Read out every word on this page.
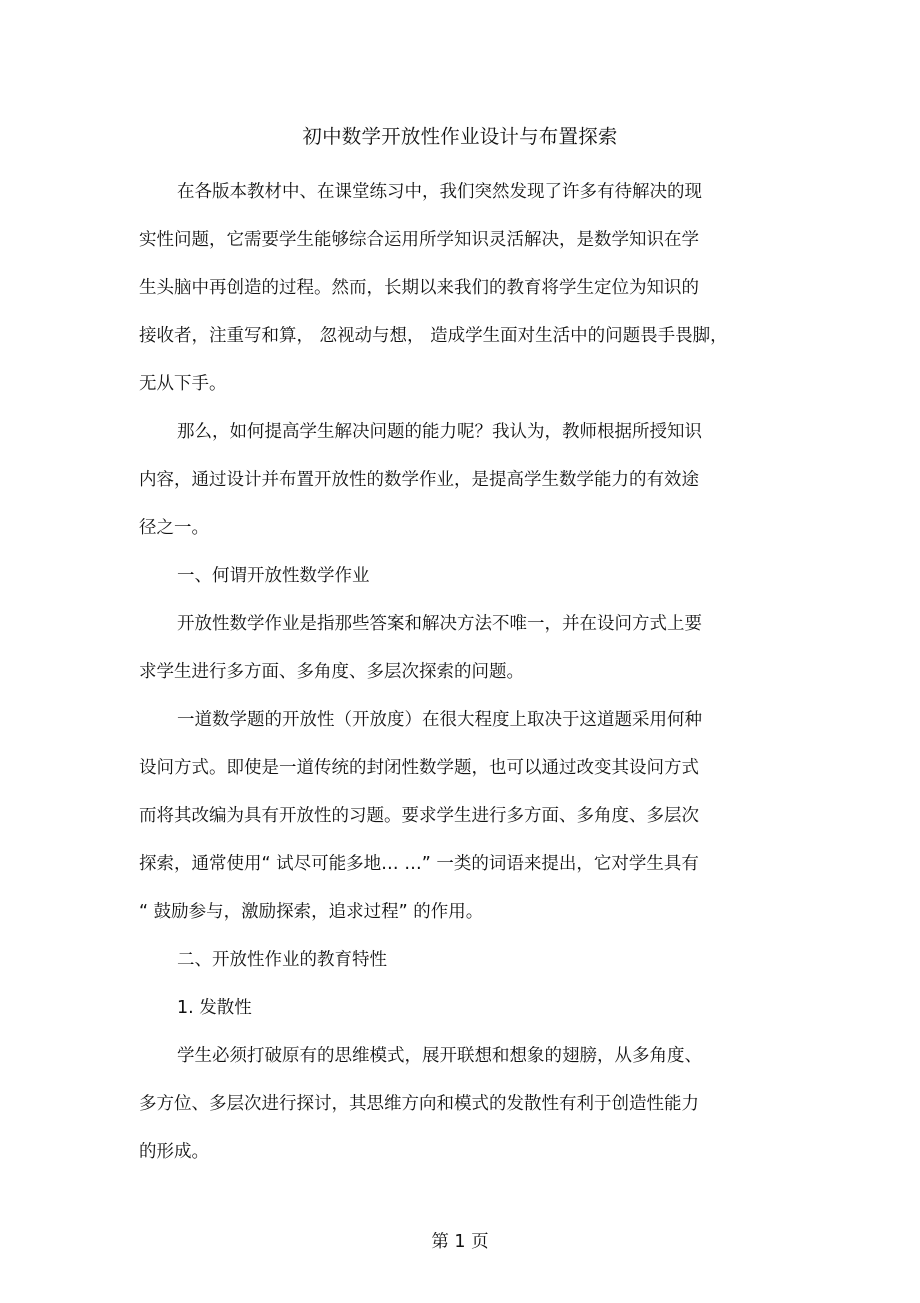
初中数学开放性作业设计与布置探索
在各版本教材中、在课堂练习中，我们突然发现了许多有待解决的现
实性问题，它需要学生能够综合运用所学知识灵活解决，是数学知识在学
生头脑中再创造的过程。然而，长期以来我们的教育将学生定位为知识的
接收者，注重写和算， 忽视动与想， 造成学生面对生活中的问题畏手畏脚，
无从下手。
那么，如何提高学生解决问题的能力呢？我认为，教师根据所授知识
内容，通过设计并布置开放性的数学作业，是提高学生数学能力的有效途
径之一。
一、何谓开放性数学作业
开放性数学作业是指那些答案和解决方法不唯一，并在设问方式上要
求学生进行多方面、多角度、多层次探索的问题。
一道数学题的开放性（开放度）在很大程度上取决于这道题采用何种
设问方式。即使是一道传统的封闭性数学题，也可以通过改变其设问方式
而将其改编为具有开放性的习题。要求学生进行多方面、多角度、多层次
探索，通常使用“ 试尽可能多地… …” 一类的词语来提出，它对学生具有
“ 鼓励参与，激励探索，追求过程” 的作用。
二、开放性作业的教育特性
1. 发散性
学生必须打破原有的思维模式，展开联想和想象的翅膀，从多角度、
多方位、多层次进行探讨，其思维方向和模式的发散性有利于创造性能力
的形成。
第 1 页
